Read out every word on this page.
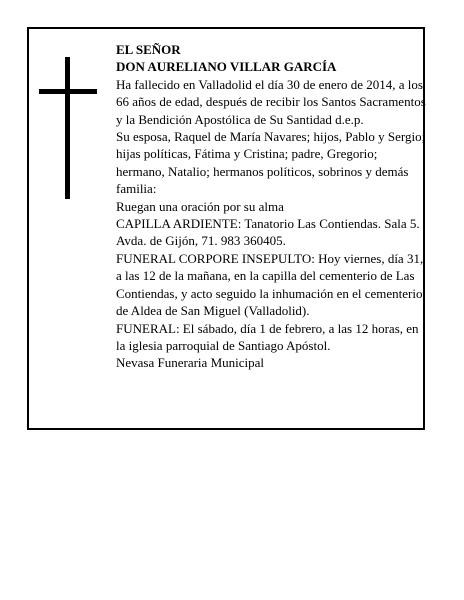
EL SEÑOR
DON AURELIANO VILLAR GARCÍA
Ha fallecido en Valladolid el día 30 de enero de 2014, a los 66 años de edad, después de recibir los Santos Sacramentos y la Bendición Apostólica de Su Santidad d.e.p.
Su esposa, Raquel de María Navares; hijos, Pablo y Sergio; hijas políticas, Fátima y Cristina; padre, Gregorio; hermano, Natalio; hermanos políticos, sobrinos y demás familia:
Ruegan una oración por su alma
CAPILLA ARDIENTE: Tanatorio Las Contiendas. Sala 5. Avda. de Gijón, 71. 983 360405.
FUNERAL CORPORE INSEPULTO: Hoy viernes, día 31, a las 12 de la mañana, en la capilla del cementerio de Las Contiendas, y acto seguido la inhumación en el cementerio de Aldea de San Miguel (Valladolid).
FUNERAL: El sábado, día 1 de febrero, a las 12 horas, en la iglesia parroquial de Santiago Apóstol.
Nevasa Funeraria Municipal
